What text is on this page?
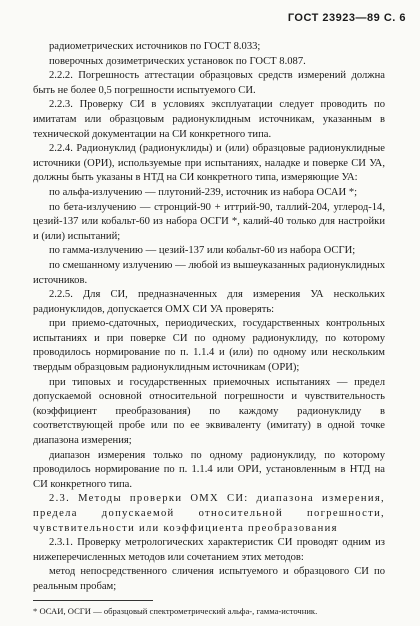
ГОСТ 23923—89 С. 6

радиометрических источников по ГОСТ 8.033;

поверочных дозиметрических установок по ГОСТ 8.087.

2.2.2. Погрешность аттестации образцовых средств измерений должна быть не более 0,5 погрешности испытуемого СИ.

2.2.3. Проверку СИ в условиях эксплуатации следует проводить по имитатам или образцовым радионуклидным источникам, указанным в технической документации на СИ конкретного типа.

2.2.4. Радионуклид (радионуклиды) и (или) образцовые радионуклидные источники (ОРИ), используемые при испытаниях, наладке и поверке СИ УА, должны быть указаны в НТД на СИ конкретного типа, измеряющие УА:

по альфа-излучению — плутоний-239, источник из набора ОСАИ *;

по бета-излучению — стронций-90 + иттрий-90, таллий-204, углерод-14, цезий-137 или кобальт-60 из набора ОСГИ *, калий-40 только для настройки и (или) испытаний;

по гамма-излучению — цезий-137 или кобальт-60 из набора ОСГИ;

по смешанному излучению — любой из вышеуказанных радионуклидных источников.

2.2.5. Для СИ, предназначенных для измерения УА нескольких радионуклидов, допускается ОМХ СИ УА проверять:

при приемо-сдаточных, периодических, государственных контрольных испытаниях и при поверке СИ по одному радионуклиду, по которому проводилось нормирование по п. 1.1.4 и (или) по одному или нескольким твердым образцовым радионуклидным источникам (ОРИ);

при типовых и государственных приемочных испытаниях — предел допускаемой основной относительной погрешности и чувствительность (коэффициент преобразования) по каждому радионуклиду в соответствующей пробе или по ее эквиваленту (имитату) в одной точке диапазона измерения;

диапазон измерения только по одному радионуклиду, по которому проводилось нормирование по п. 1.1.4 или ОРИ, установленным в НТД на СИ конкретного типа.

2.3. Методы проверки ОМХ СИ: диапазона измерения, предела допускаемой относительной погрешности, чувствительности или коэффициента преобразования

2.3.1. Проверку метрологических характеристик СИ проводят одним из нижеперечисленных методов или сочетанием этих методов:

метод непосредственного сличения испытуемого и образцового СИ по реальным пробам;

* ОСАИ, ОСГИ — образцовый спектрометрический альфа-, гамма-источник.
